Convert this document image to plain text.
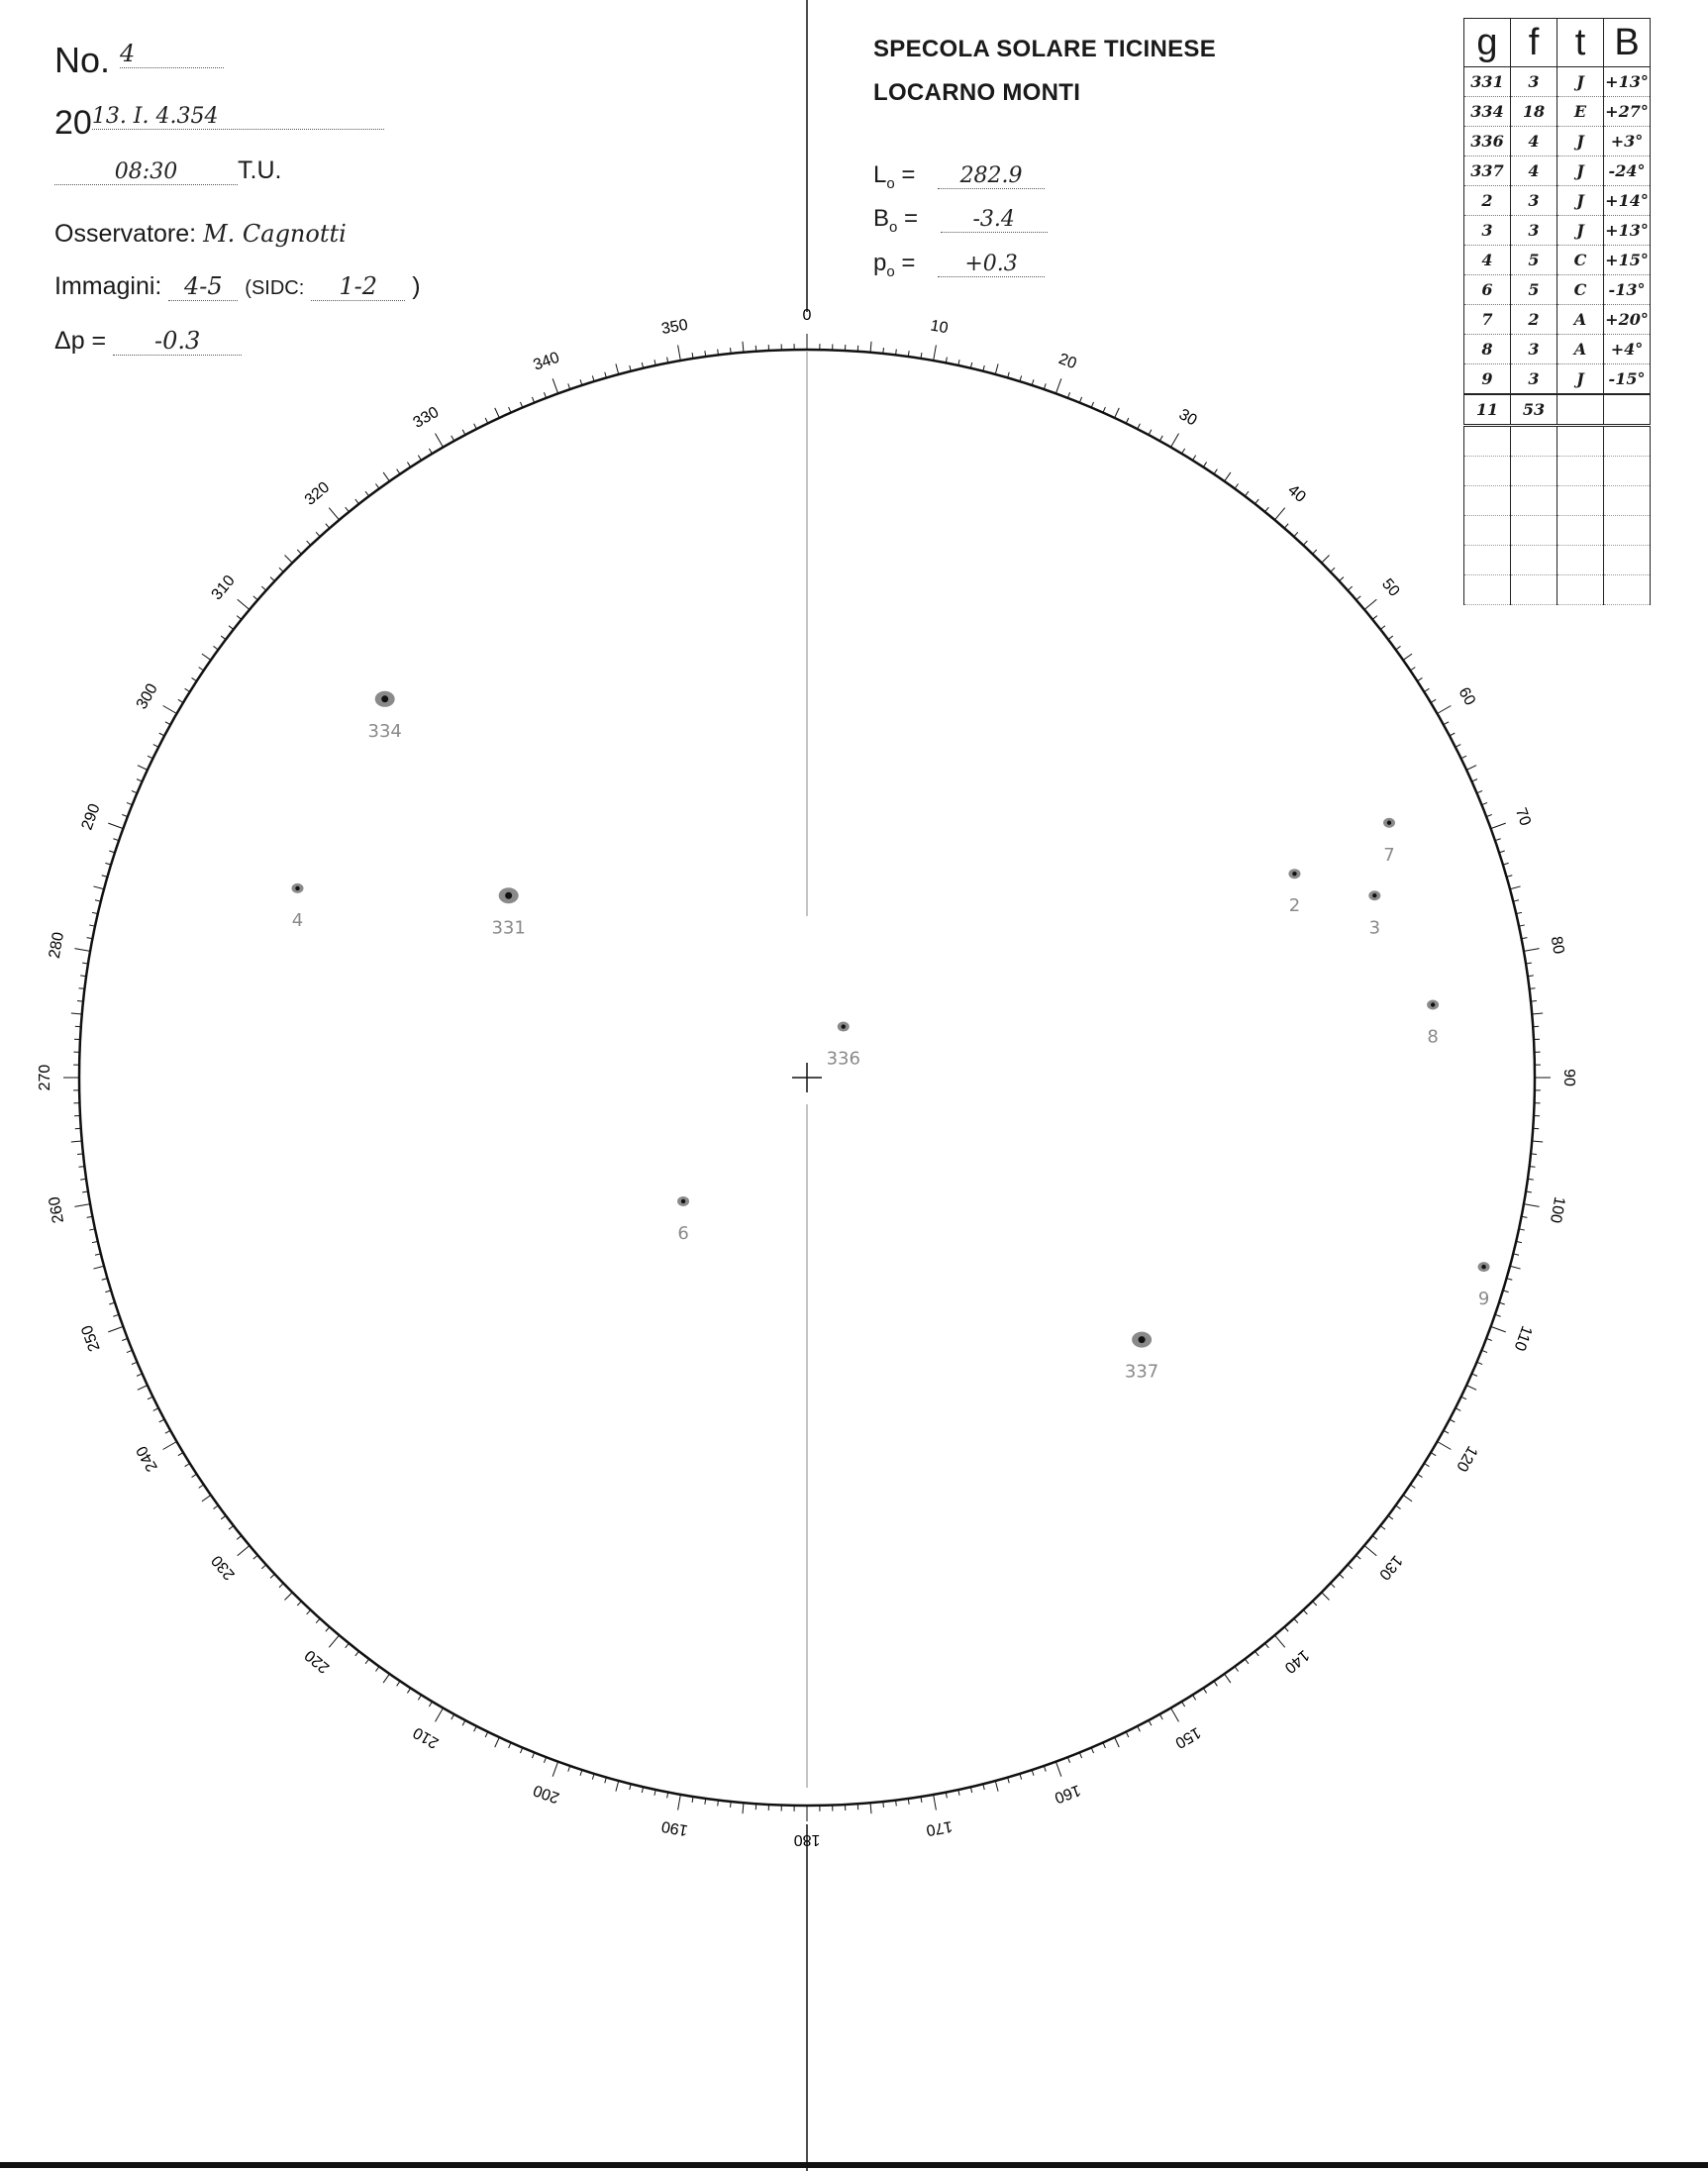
No. 4
2013. I. 4.354
08:30 T.U.
Osservatore: M. Cagnotti
Immagini: 4-5 (SIDC: 1-2 )
Δp = -0.3
SPECOLA SOLARE TICINESE
LOCARNO MONTI
$L_o = 282.9$
$B_o$ =	-3.4
$p_o = +0.3$
g	f	t	B
331	3	J	+13°
334	18	E	+27°
336	4	J	+3°
337	4	J	-24°
2	3	J	+14°
3	3	J	+13°
4	5	C	+15°
6	5	C	-13°
7	2	A	+20°
8	3	A	+4°
9	3	J	-15°
11	53		

0
10
20
30
40
50
60
70
80
90
100
110
120
130
140
150
160
170
180
190
200
210
220
230
240
250
260
270
280
290
300
310
320
330
340
350
334
4	331
336
7
2
3
8
6
9
337
